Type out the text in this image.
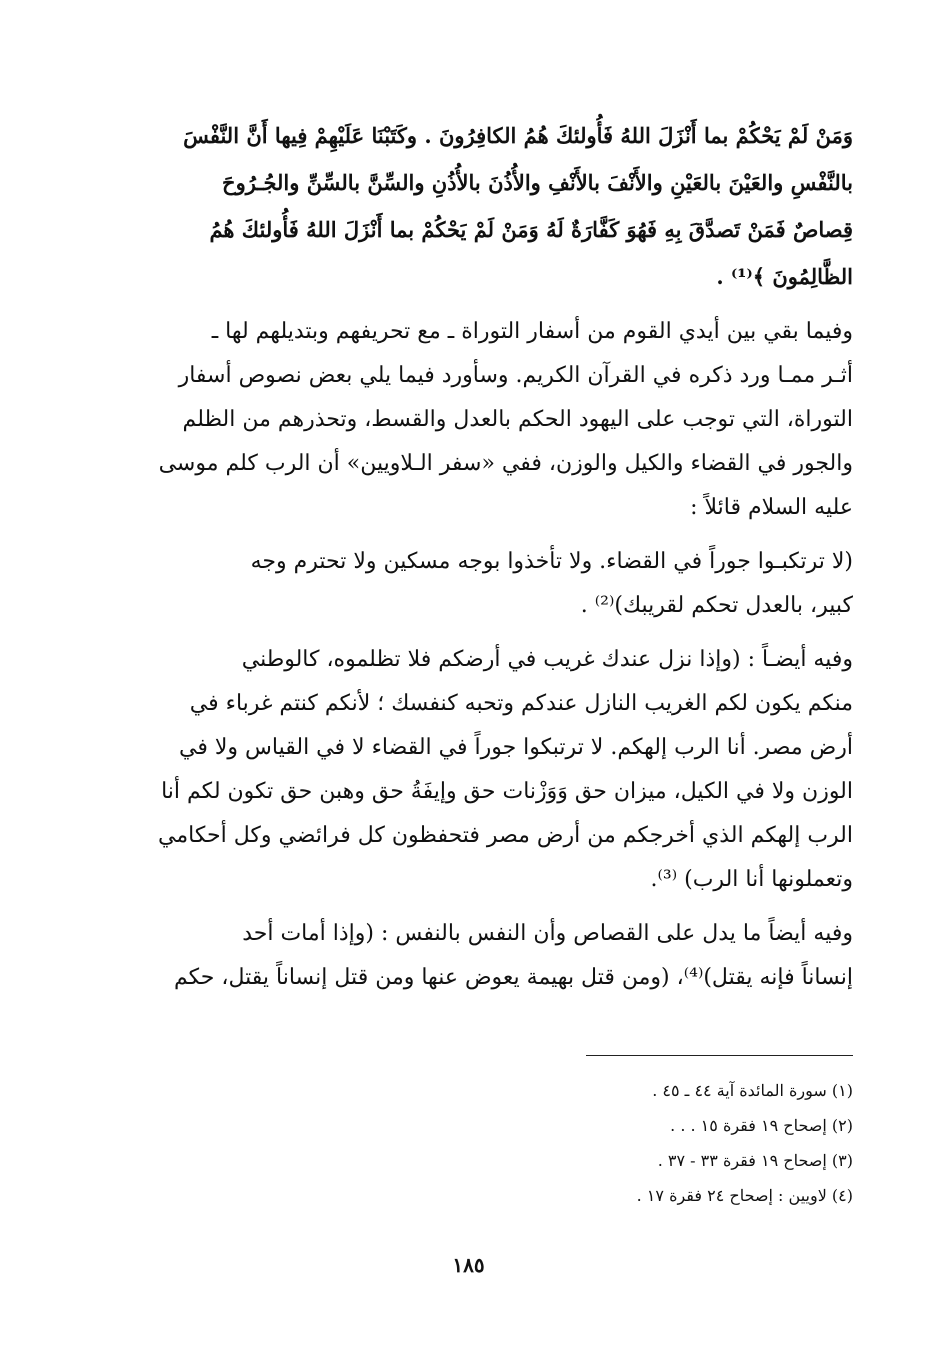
وَمَنْ لَمْ يَحْكُمْ بما أَنْزَلَ اللهُ فَأُولئكَ هُمُ الكافِرُونَ . وكَتَبْنَا عَلَيْهِمْ فِيها أَنَّ النَّفْسَ
بالنَّفْسِ والعَيْنَ بالعَيْنِ والأَنْفَ بالأَنْفِ والأُذُنَ بالأُذُنِ والسِّنَّ بالسِّنِّ والجُـرُوحَ
قِصاصٌ فَمَنْ تَصدَّقَ بِهِ فَهُوَ كَفَّارَةٌ لَهُ وَمَنْ لَمْ يَحْكُمْ بما أَنْزَلَ اللهُ فَأُولئكَ هُمُ
الظَّالِمُونَ ﴾⁽¹⁾ .
وفيما بقي بين أيدي القوم من أسفار التوراة ـ مع تحريفهم وبتديلهم لها ـ
أثـر ممـا ورد ذكره في القرآن الكريم. وسأورد فيما يلي بعض نصوص أسفار
التوراة، التي توجب على اليهود الحكم بالعدل والقسط، وتحذرهم من الظلم
والجور في القضاء والكيل والوزن، ففي «سفر الـلاويين» أن الرب كلم موسى
عليه السلام قائلاً :
(لا ترتكبـوا جوراً في القضاء. ولا تأخذوا بوجه مسكين ولا تحترم وجه
كبير، بالعدل تحكم لقريبك)⁽²⁾ .
وفيه أيضـاً : (وإذا نزل عندك غريب في أرضكم فلا تظلموه، كالوطني
منكم يكون لكم الغريب النازل عندكم وتحبه كنفسك ؛ لأنكم كنتم غرباء في
أرض مصر. أنا الرب إلهكم. لا ترتبكوا جوراً في القضاء لا في القياس ولا في
الوزن ولا في الكيل، ميزان حق وَوَزْنات حق وإيفَةُ حق وهبن حق تكون لكم أنا
الرب إلهكم الذي أخرجكم من أرض مصر فتحفظون كل فرائضي وكل أحكامي
وتعملونها أنا الرب) ⁽³⁾.
وفيه أيضاً ما يدل على القصاص وأن النفس بالنفس : (وإذا أمات أحد
إنساناً فإنه يقتل)⁽⁴⁾، (ومن قتل بهيمة يعوض عنها ومن قتل إنساناً يقتل، حكم
(١) سورة المائدة آية ٤٤ ـ ٤٥ .
(٢) إصحاح ١٩ فقرة ١٥ . . .
(٣) إصحاح ١٩ فقرة ٣٣ - ٣٧ .
(٤) لاويين : إصحاح ٢٤ فقرة ١٧ .
١٨٥
